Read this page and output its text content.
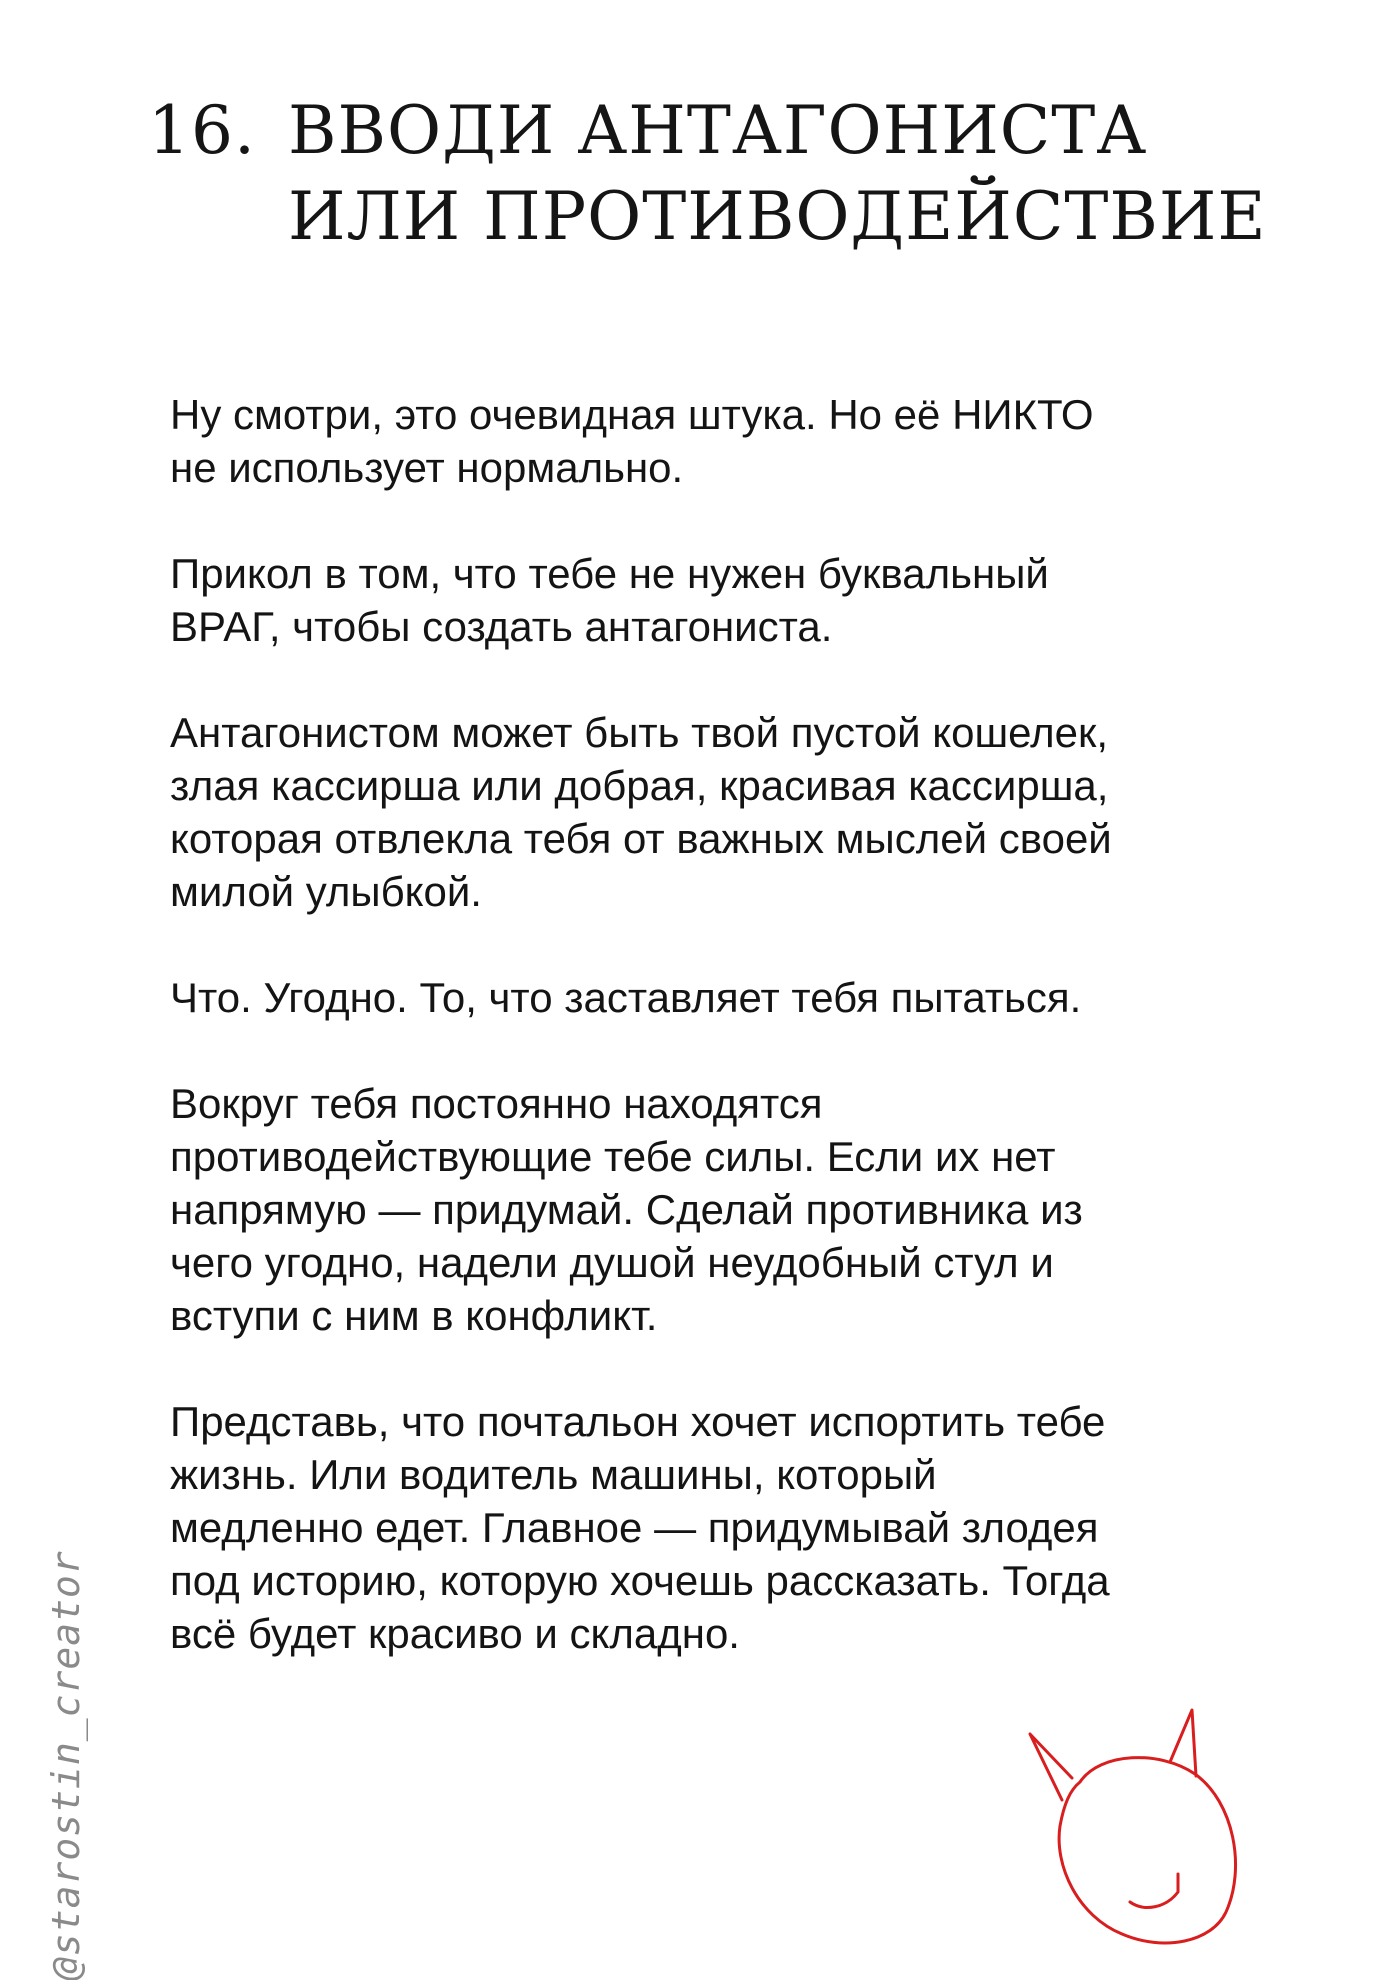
16. ВВОДИ АНТАГОНИСТА
ИЛИ ПРОТИВОДЕЙСТВИЕ
Ну смотри, это очевидная штука. Но её НИКТО
не использует нормально.
Прикол в том, что тебе не нужен буквальный
ВРАГ, чтобы создать антагониста.
Антагонистом может быть твой пустой кошелек,
злая кассирша или добрая, красивая кассирша,
которая отвлекла тебя от важных мыслей своей
милой улыбкой.
Что. Угодно. То, что заставляет тебя пытаться.
Вокруг тебя постоянно находятся
противодействующие тебе силы. Если их нет
напрямую — придумай. Сделай противника из
чего угодно, надели душой неудобный стул и
вступи с ним в конфликт.
Представь, что почтальон хочет испортить тебе
жизнь. Или водитель машины, который
медленно едет. Главное — придумывай злодея
под историю, которую хочешь рассказать. Тогда
всё будет красиво и складно.
@starostin_creator
